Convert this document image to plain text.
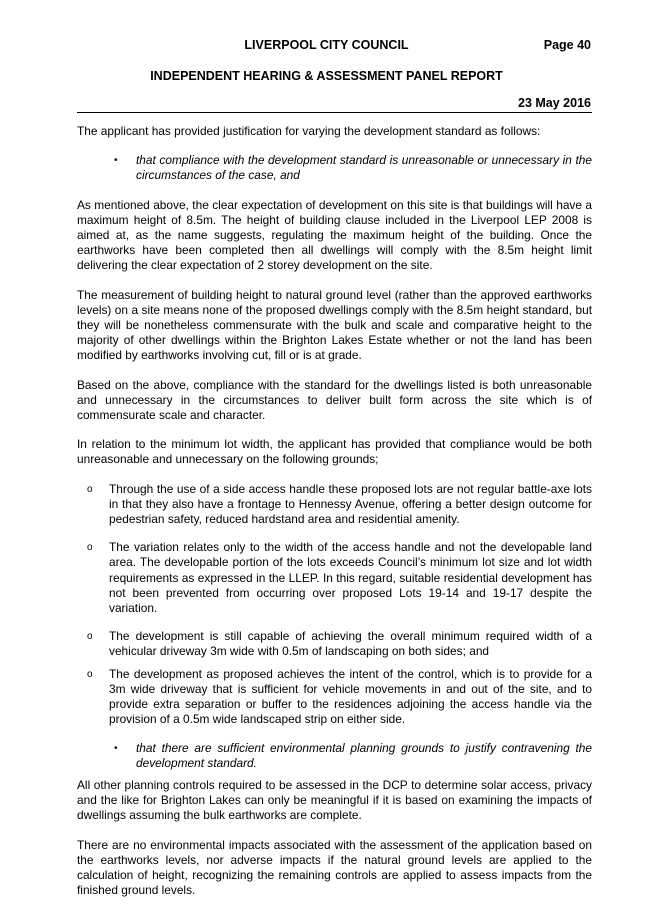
LIVERPOOL CITY COUNCIL	Page 40
INDEPENDENT HEARING & ASSESSMENT PANEL REPORT
23 May 2016

The applicant has provided justification for varying the development standard as follows:

• that compliance with the development standard is unreasonable or unnecessary in the circumstances of the case, and

As mentioned above, the clear expectation of development on this site is that buildings will have a maximum height of 8.5m. The height of building clause included in the Liverpool LEP 2008 is aimed at, as the name suggests, regulating the maximum height of the building. Once the earthworks have been completed then all dwellings will comply with the 8.5m height limit delivering the clear expectation of 2 storey development on the site.

The measurement of building height to natural ground level (rather than the approved earthworks levels) on a site means none of the proposed dwellings comply with the 8.5m height standard, but they will be nonetheless commensurate with the bulk and scale and comparative height to the majority of other dwellings within the Brighton Lakes Estate whether or not the land has been modified by earthworks involving cut, fill or is at grade.

Based on the above, compliance with the standard for the dwellings listed is both unreasonable and unnecessary in the circumstances to deliver built form across the site which is of commensurate scale and character.

In relation to the minimum lot width, the applicant has provided that compliance would be both unreasonable and unnecessary on the following grounds;

o Through the use of a side access handle these proposed lots are not regular battle-axe lots in that they also have a frontage to Hennessy Avenue, offering a better design outcome for pedestrian safety, reduced hardstand area and residential amenity.
o The variation relates only to the width of the access handle and not the developable land area. The developable portion of the lots exceeds Council’s minimum lot size and lot width requirements as expressed in the LLEP. In this regard, suitable residential development has not been prevented from occurring over proposed Lots 19-14 and 19-17 despite the variation.
o The development is still capable of achieving the overall minimum required width of a vehicular driveway 3m wide with 0.5m of landscaping on both sides; and
o The development as proposed achieves the intent of the control, which is to provide for a 3m wide driveway that is sufficient for vehicle movements in and out of the site, and to provide extra separation or buffer to the residences adjoining the access handle via the provision of a 0.5m wide landscaped strip on either side.
• that there are sufficient environmental planning grounds to justify contravening the development standard.

All other planning controls required to be assessed in the DCP to determine solar access, privacy and the like for Brighton Lakes can only be meaningful if it is based on examining the impacts of dwellings assuming the bulk earthworks are complete.

There are no environmental impacts associated with the assessment of the application based on the earthworks levels, nor adverse impacts if the natural ground levels are applied to the calculation of height, recognizing the remaining controls are applied to assess impacts from the finished ground levels.
